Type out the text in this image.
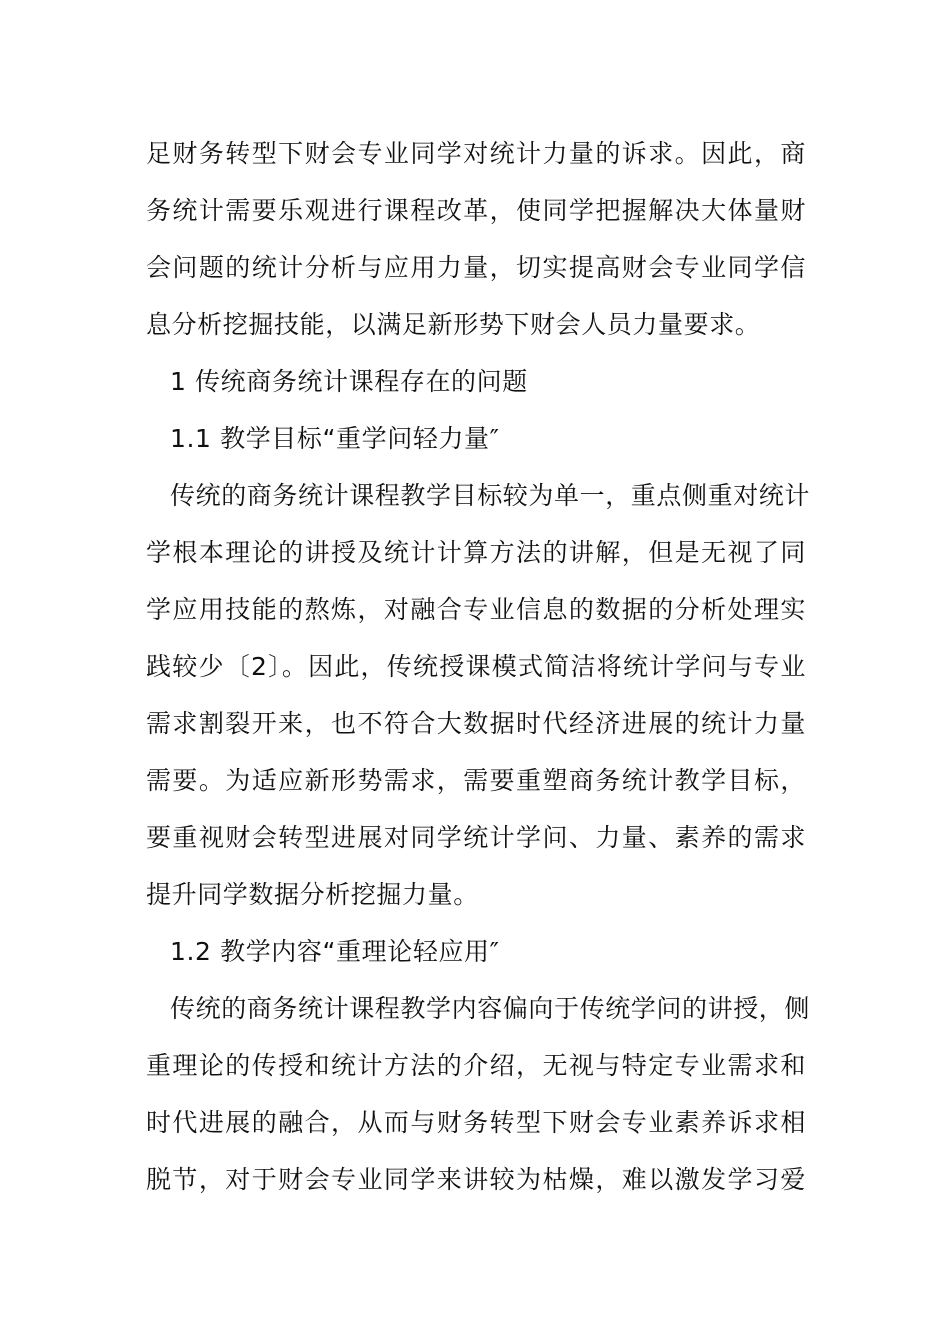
足财务转型下财会专业同学对统计力量的诉求。因此，商
务统计需要乐观进行课程改革，使同学把握解决大体量财
会问题的统计分析与应用力量，切实提高财会专业同学信
息分析挖掘技能，以满足新形势下财会人员力量要求。
1 传统商务统计课程存在的问题
1.1 教学目标“重学问轻力量″
传统的商务统计课程教学目标较为单一，重点侧重对统计
学根本理论的讲授及统计计算方法的讲解，但是无视了同
学应用技能的熬炼，对融合专业信息的数据的分析处理实
践较少〔2〕。因此，传统授课模式简洁将统计学问与专业
需求割裂开来，也不符合大数据时代经济进展的统计力量
需要。为适应新形势需求，需要重塑商务统计教学目标，
要重视财会转型进展对同学统计学问、力量、素养的需求
提升同学数据分析挖掘力量。
1.2 教学内容“重理论轻应用″
传统的商务统计课程教学内容偏向于传统学问的讲授，侧
重理论的传授和统计方法的介绍，无视与特定专业需求和
时代进展的融合，从而与财务转型下财会专业素养诉求相
脱节，对于财会专业同学来讲较为枯燥，难以激发学习爱
